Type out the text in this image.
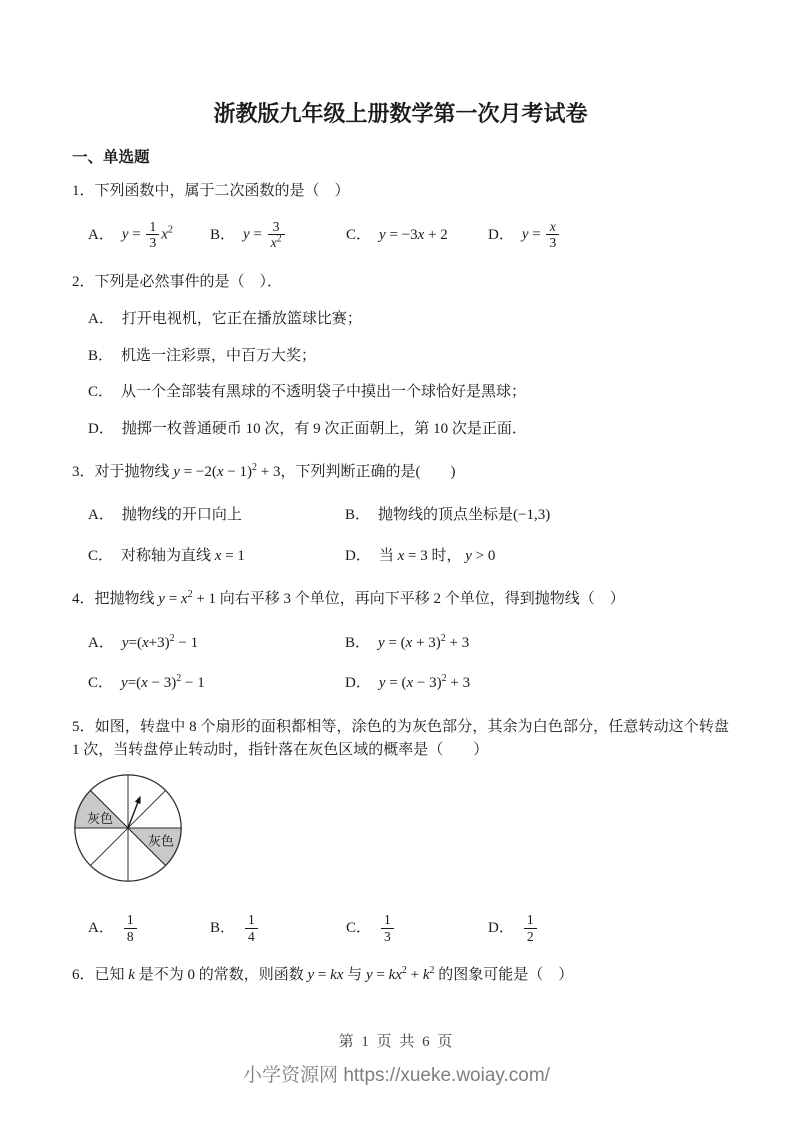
浙教版九年级上册数学第一次月考试卷
一、单选题
1．下列函数中，属于二次函数的是（　）
A． $y = \frac{1}{3} x^2$ B． $y = \frac{3}{x^2}$	C． y = −3x + 2	D． $y = \frac{x}{3}$
2．下列是必然事件的是（　）．
A． 打开电视机，它正在播放篮球比赛；
B． 机选一注彩票，中百万大奖；
C． 从一个全部装有黑球的不透明袋子中摸出一个球恰好是黑球；
D． 抛掷一枚普通硬币 10 次，有 9 次正面朝上，第 10 次是正面．
3．对于抛物线 $y = -2(x - 1)^2 + 3$，下列判断正确的是(　　)
A． 抛物线的开口向上	B． 抛物线的顶点坐标是(−1,3)
C． 对称轴为直线 x = 1	D． 当 x = 3 时， y > 0
4．把抛物线 $y = x^2 + 1$ 向右平移 3 个单位，再向下平移 2 个单位，得到抛物线（　）
A． $y=(x+3)^2 - 1$	B． $y = (x + 3)^2 + 3$
C． $y=(x - 3)^2 - 1$	D． $y = (x - 3)^2 + 3$
5．如图，转盘中 8 个扇形的面积都相等，涂色的为灰色部分，其余为白色部分，任意转动这个转盘 1 次，当转盘停止转动时，指针落在灰色区域的概率是（　　）
灰色
灰色
A． $\frac{1}{8}$	B． $\frac{1}{4}$	C． $\frac{1}{3}$	D． $\frac{1}{2}$
6．已知 k 是不为 0 的常数，则函数 y = kx 与 $y = kx^2 + k^2$ 的图象可能是（　）
第 1 页 共 6 页
小学资源网 https://xueke.woiay.com/
